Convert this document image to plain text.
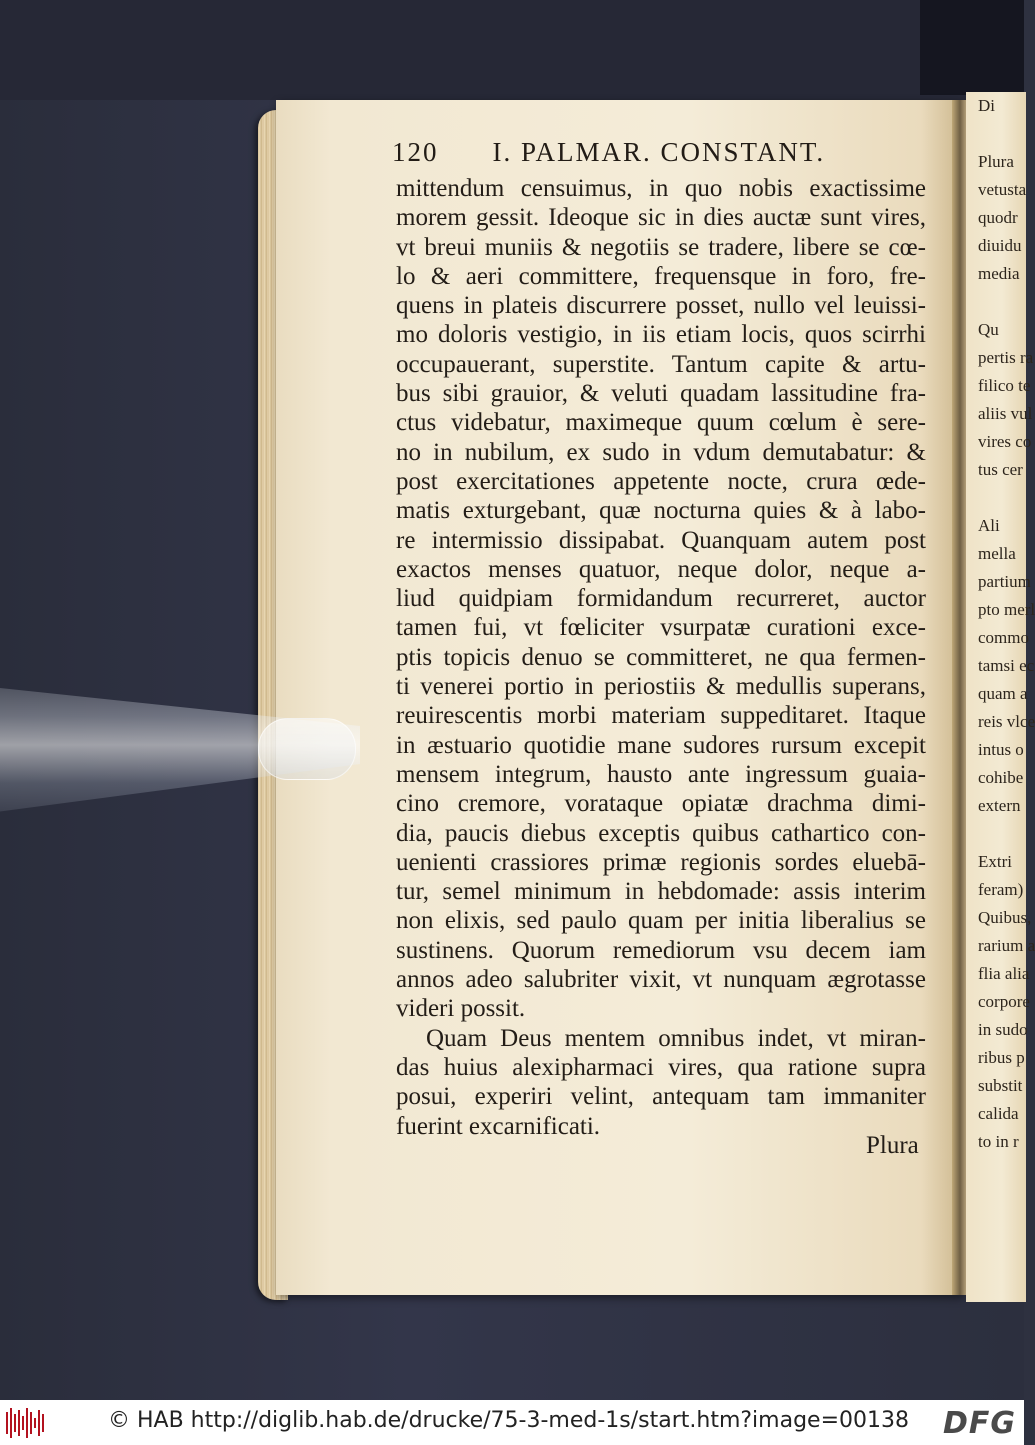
Di
Plura
vetusta
quodr
diuidu
media
Qu
pertis ra
filico te
aliis vul
vires co
tus cer
Ali
mella
partium
pto merl
commo
tamsi ec
quam a
reis vlce
intus o
cohibe
extern
Extri
feram)
Quibus,
rarium a
flia alia
corpore
in sudo
ribus p
substit
calida
to in r
120 I. PALMAR. CONSTANT.
mittendum censuimus, in quo nobis exactissime
morem gessit. Ideoque sic in dies auctæ sunt vires,
vt breui muniis & negotiis se tradere, libere se cœ-
lo & aeri committere, frequensque in foro, fre-
quens in plateis discurrere posset, nullo vel leuissi-
mo doloris vestigio, in iis etiam locis, quos scirrhi
occupauerant, superstite. Tantum capite & artu-
bus sibi grauior, & veluti quadam lassitudine fra-
ctus videbatur, maximeque quum cœlum è sere-
no in nubilum, ex sudo in vdum demutabatur: &
post exercitationes appetente nocte, crura œde-
matis exturgebant, quæ nocturna quies & à labo-
re intermissio dissipabat. Quanquam autem post
exactos menses quatuor, neque dolor, neque a-
liud quidpiam formidandum recurreret, auctor
tamen fui, vt fœliciter vsurpatæ curationi exce-
ptis topicis denuo se committeret, ne qua fermen-
ti venerei portio in periostiis & medullis superans,
reuirescentis morbi materiam suppeditaret. Itaque
in æstuario quotidie mane sudores rursum excepit
mensem integrum, hausto ante ingressum guaia-
cino cremore, vorataque opiatæ drachma dimi-
dia, paucis diebus exceptis quibus cathartico con-
uenienti crassiores primæ regionis sordes eluebā-
tur, semel minimum in hebdomade: assis interim
non elixis, sed paulo quam per initia liberalius se
sustinens. Quorum remediorum vsu decem iam
annos adeo salubriter vixit, vt nunquam ægrotasse
videri possit.
Quam Deus mentem omnibus indet, vt miran-
das huius alexipharmaci vires, qua ratione supra
posui, experiri velint, antequam tam immaniter
fuerint excarnificati.
Plura
© HAB http://diglib.hab.de/drucke/75-3-med-1s/start.htm?image=00138 DFG
